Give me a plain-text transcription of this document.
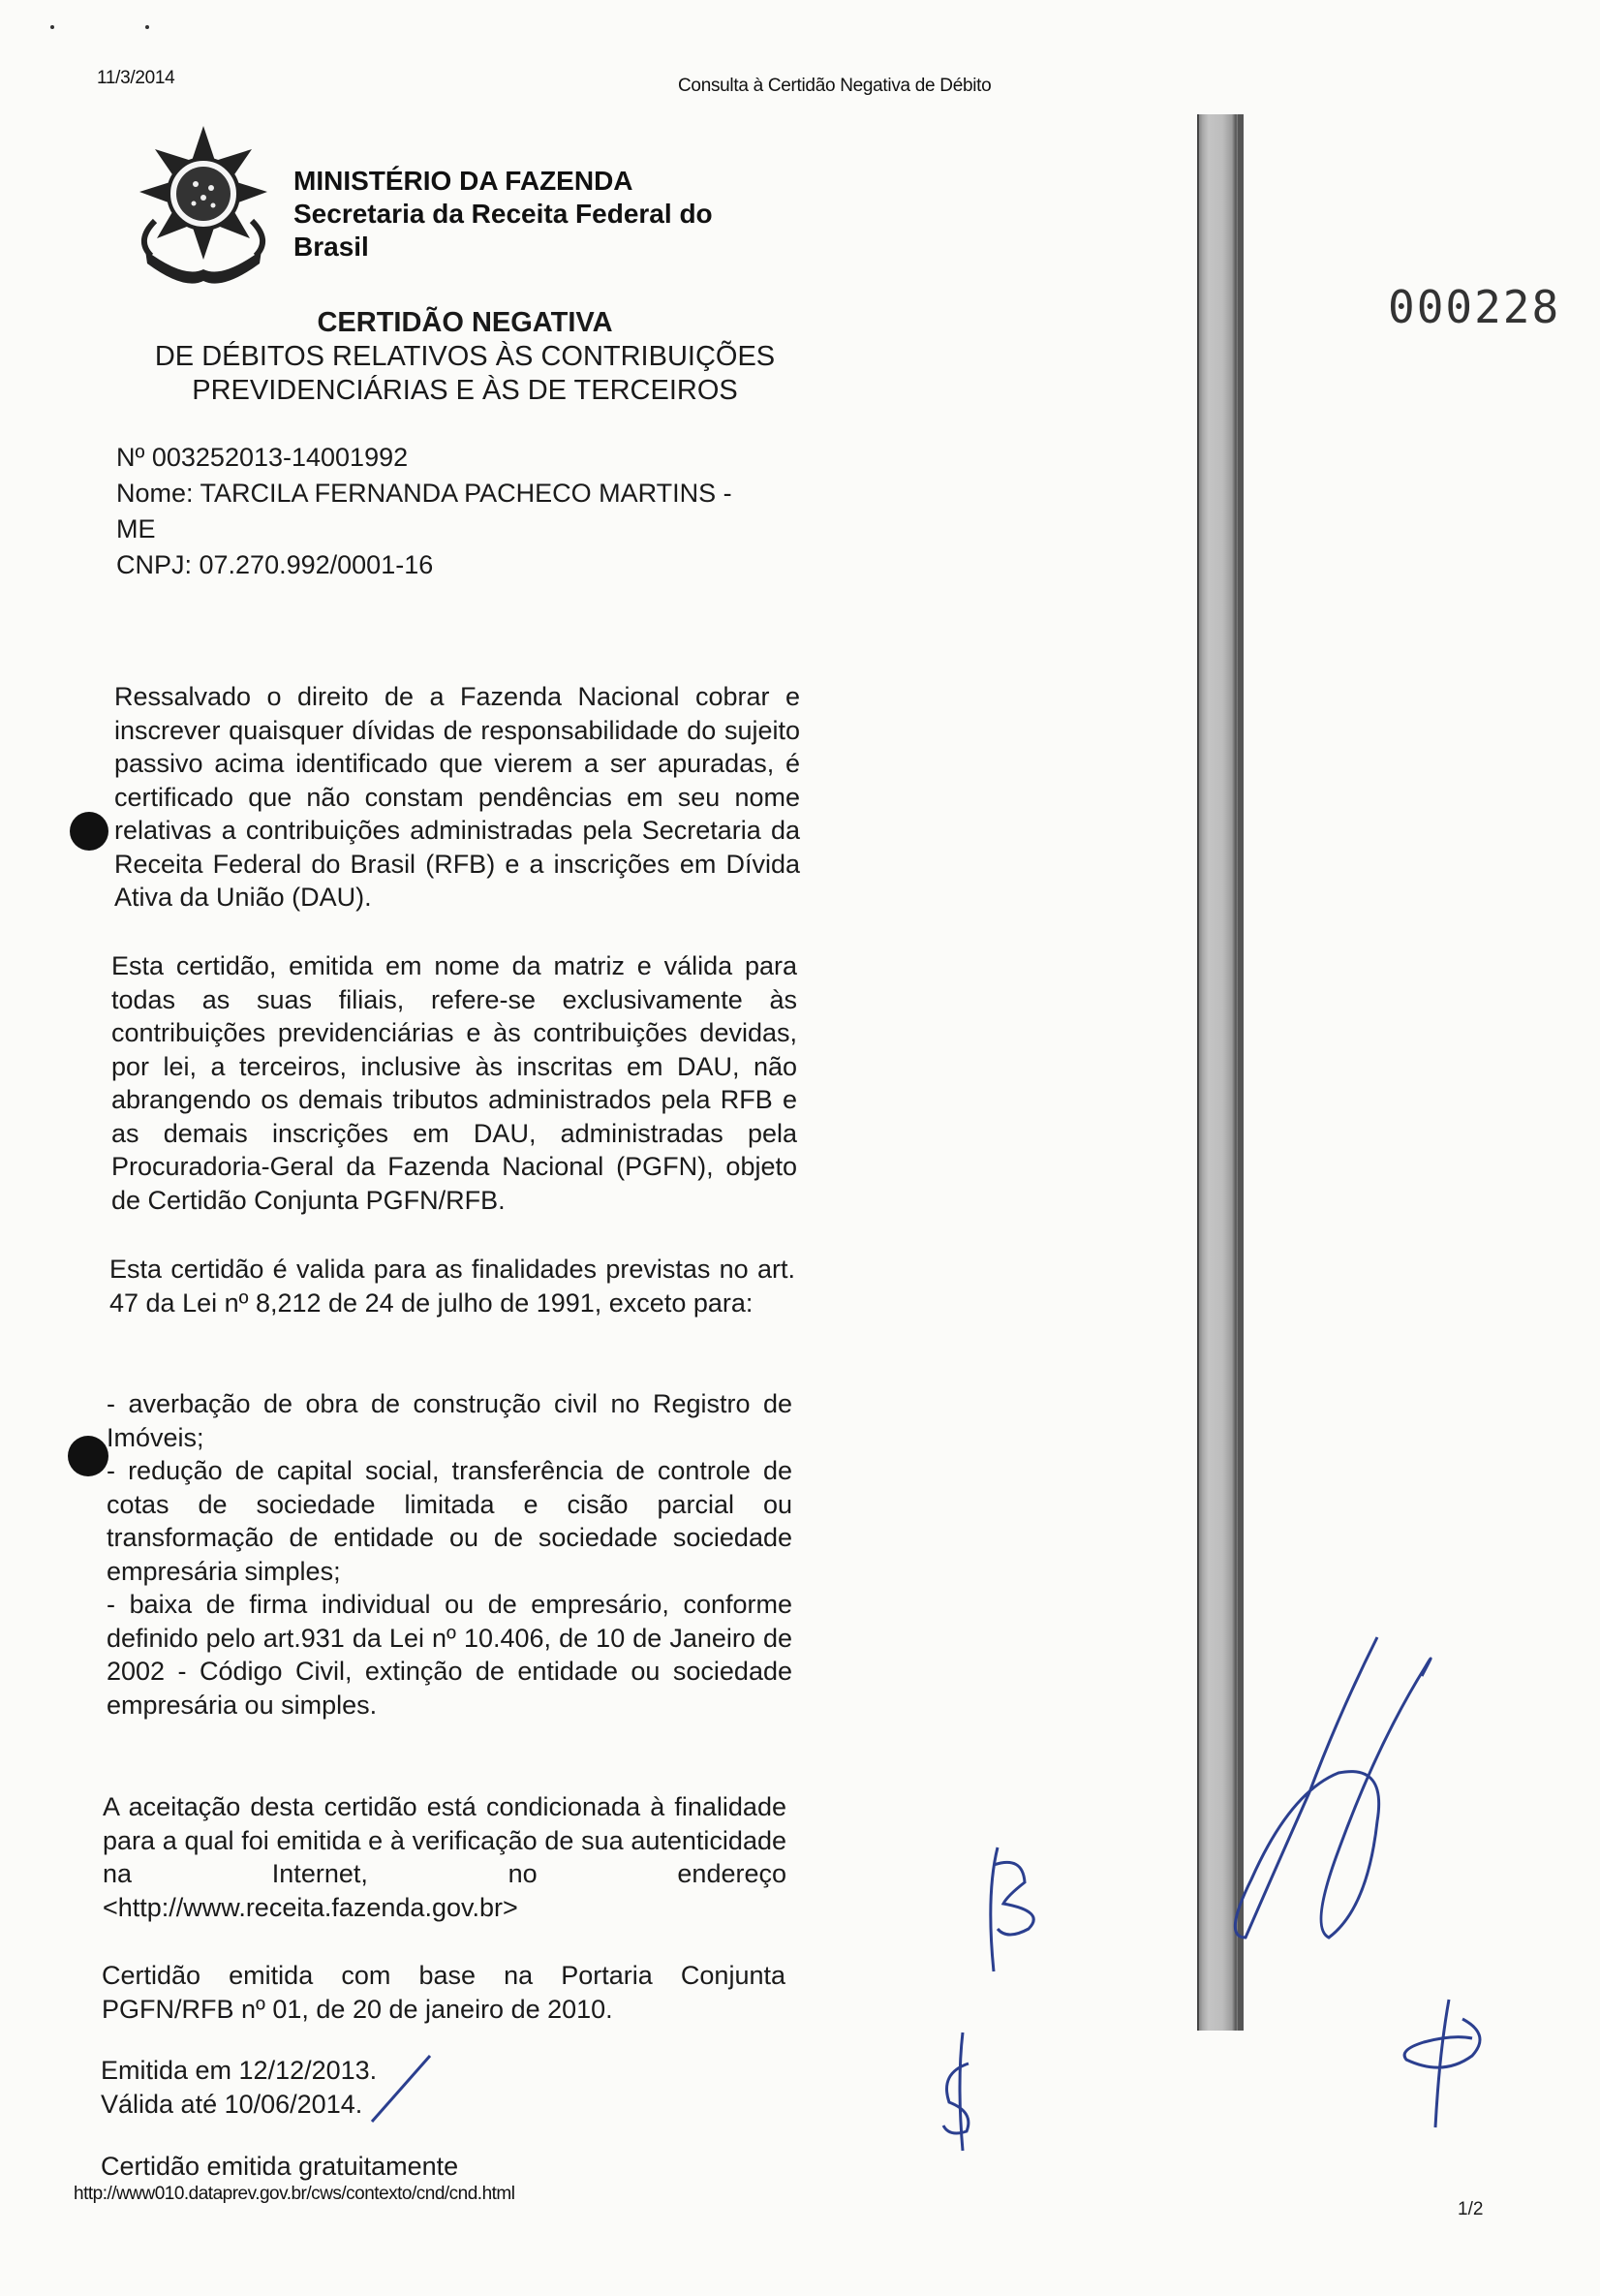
11/3/2014	Consulta à Certidão Negativa de Débito
MINISTÉRIO DA FAZENDA
Secretaria da Receita Federal do
Brasil
000228
CERTIDÃO NEGATIVA
DE DÉBITOS RELATIVOS ÀS CONTRIBUIÇÕES
PREVIDENCIÁRIAS E ÀS DE TERCEIROS
Nº 003252013-14001992
Nome: TARCILA FERNANDA PACHECO MARTINS -
ME
CNPJ: 07.270.992/0001-16
Ressalvado o direito de a Fazenda Nacional cobrar e inscrever quaisquer dívidas de responsabilidade do sujeito passivo acima identificado que vierem a ser apuradas, é certificado que não constam pendências em seu nome relativas a contribuições administradas pela Secretaria da Receita Federal do Brasil (RFB) e a inscrições em Dívida Ativa da União (DAU).
Esta certidão, emitida em nome da matriz e válida para todas as suas filiais, refere-se exclusivamente às contribuições previdenciárias e às contribuições devidas, por lei, a terceiros, inclusive às inscritas em DAU, não abrangendo os demais tributos administrados pela RFB e as demais inscrições em DAU, administradas pela Procuradoria-Geral da Fazenda Nacional (PGFN), objeto de Certidão Conjunta PGFN/RFB.
Esta certidão é valida para as finalidades previstas no art. 47 da Lei nº 8,212 de 24 de julho de 1991, exceto para:

- averbação de obra de construção civil no Registro de Imóveis;

- redução de capital social, transferência de controle de cotas de sociedade limitada e cisão parcial ou transformação de entidade ou de sociedade sociedade empresária simples;

- baixa de firma individual ou de empresário, conforme definido pelo art.931 da Lei nº 10.406, de 10 de Janeiro de 2002 - Código Civil, extinção de entidade ou sociedade empresária ou simples.

A aceitação desta certidão está condicionada à finalidade para a qual foi emitida e à verificação de sua autenticidade na Internet, no endereço <http://www.receita.fazenda.gov.br>
Certidão emitida com base na Portaria Conjunta PGFN/RFB nº 01, de 20 de janeiro de 2010.
Emitida em 12/12/2013.
Válida até 10/06/2014.
Certidão emitida gratuitamente
http://www010.dataprev.gov.br/cws/contexto/cnd/cnd.html
1/2
